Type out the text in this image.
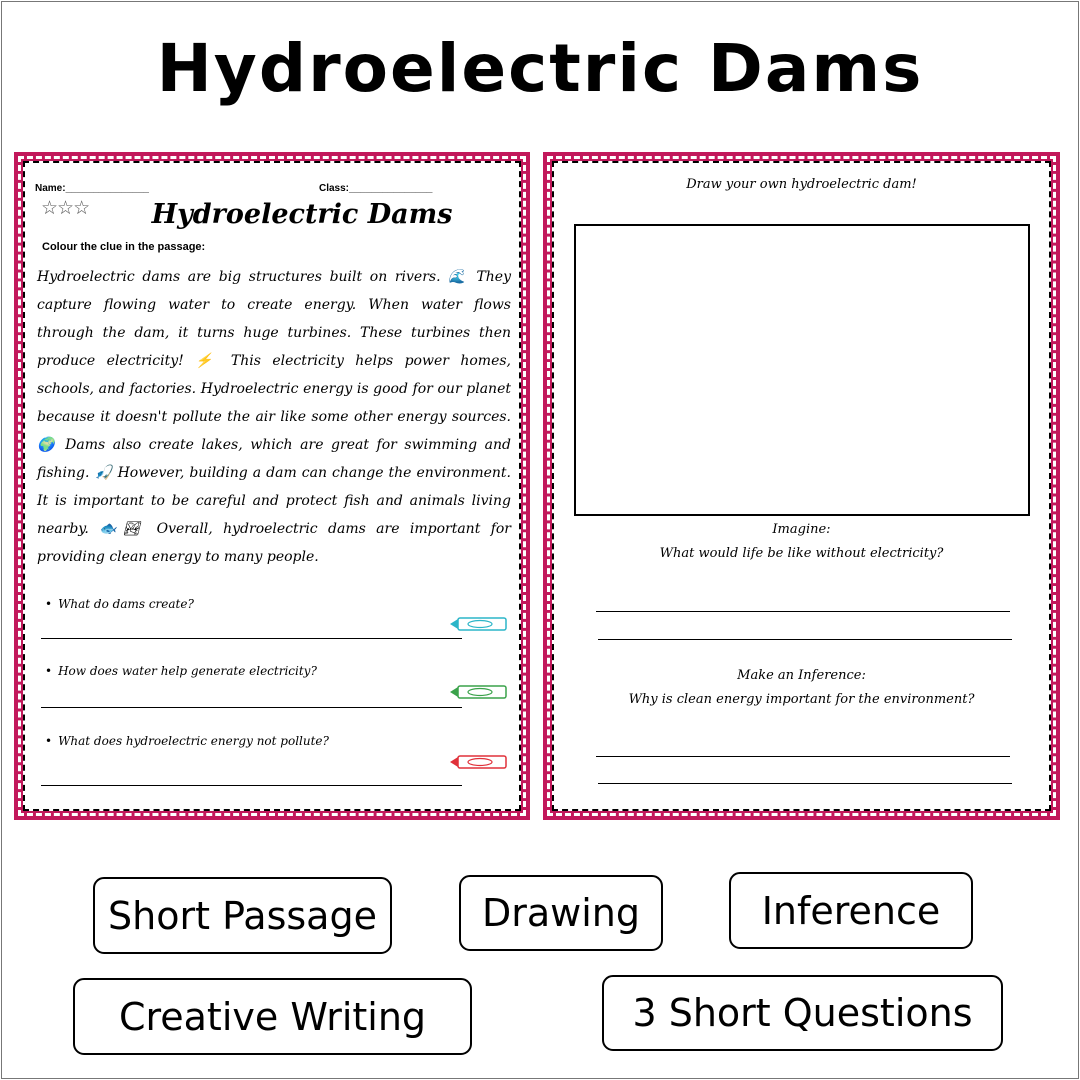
Hydroelectric Dams
Name:_______________	Class:_______________
☆☆☆	Hydroelectric Dams
Colour the clue in the passage:
Hydroelectric dams are big structures built on rivers. 🌊 They capture flowing water to create energy. When water flows through the dam, it turns huge turbines. These turbines then produce electricity! ⚡ This electricity helps power homes, schools, and factories. Hydroelectric energy is good for our planet because it doesn't pollute the air like some other energy sources. 🌍 Dams also create lakes, which are great for swimming and fishing. 🎣 However, building a dam can change the environment. It is important to be careful and protect fish and animals living nearby. 🐟🏞 Overall, hydroelectric dams are important for providing clean energy to many people.
• What do dams create?
• How does water help generate electricity?
• What does hydroelectric energy not pollute?
Draw your own hydroelectric dam!
Imagine:
What would life be like without electricity?
Make an Inference:
Why is clean energy important for the environment?
Short Passage	Drawing	Inference
Creative Writing	3 Short Questions
